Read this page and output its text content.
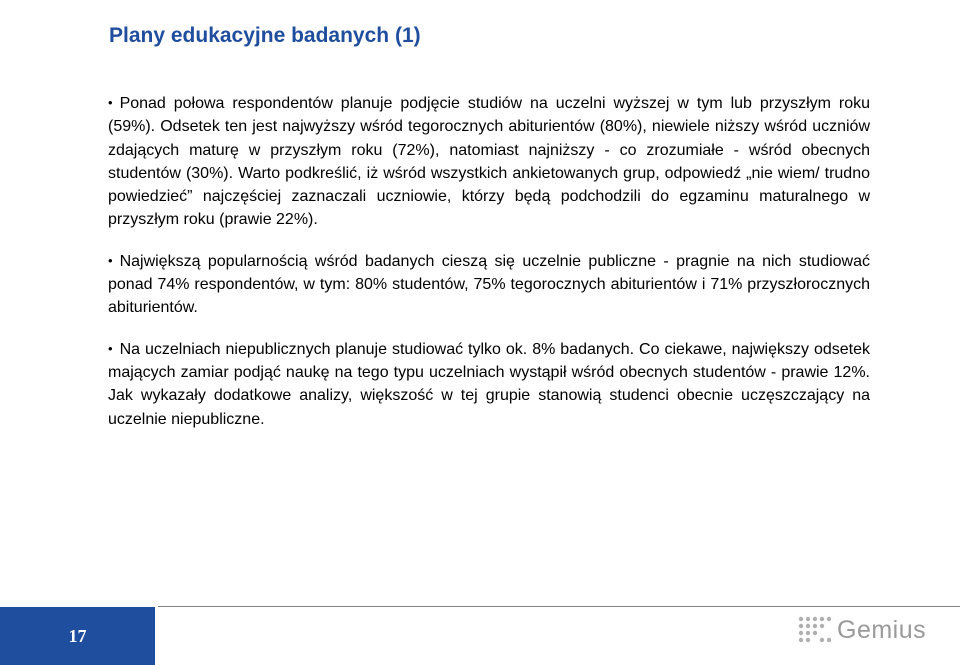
Plany edukacyjne badanych (1)

• Ponad połowa respondentów planuje podjęcie studiów na uczelni wyższej w tym lub przyszłym roku (59%). Odsetek ten jest najwyższy wśród tegorocznych abiturientów (80%), niewiele niższy wśród uczniów zdających maturę w przyszłym roku (72%), natomiast najniższy - co zrozumiałe - wśród obecnych studentów (30%). Warto podkreślić, iż wśród wszystkich ankietowanych grup, odpowiedź „nie wiem/ trudno powiedzieć” najczęściej zaznaczali uczniowie, którzy będą podchodzili do egzaminu maturalnego w przyszłym roku (prawie 22%).

• Największą popularnością wśród badanych cieszą się uczelnie publiczne - pragnie na nich studiować ponad 74% respondentów, w tym: 80% studentów, 75% tegorocznych abiturientów i 71% przyszłorocznych abiturientów.

• Na uczelniach niepublicznych planuje studiować tylko ok. 8% badanych. Co ciekawe, największy odsetek mających zamiar podjąć naukę na tego typu uczelniach wystąpił wśród obecnych studentów - prawie 12%. Jak wykazały dodatkowe analizy, większość w tej grupie stanowią studenci obecnie uczęszczający na uczelnie niepubliczne.

17	Gemius
